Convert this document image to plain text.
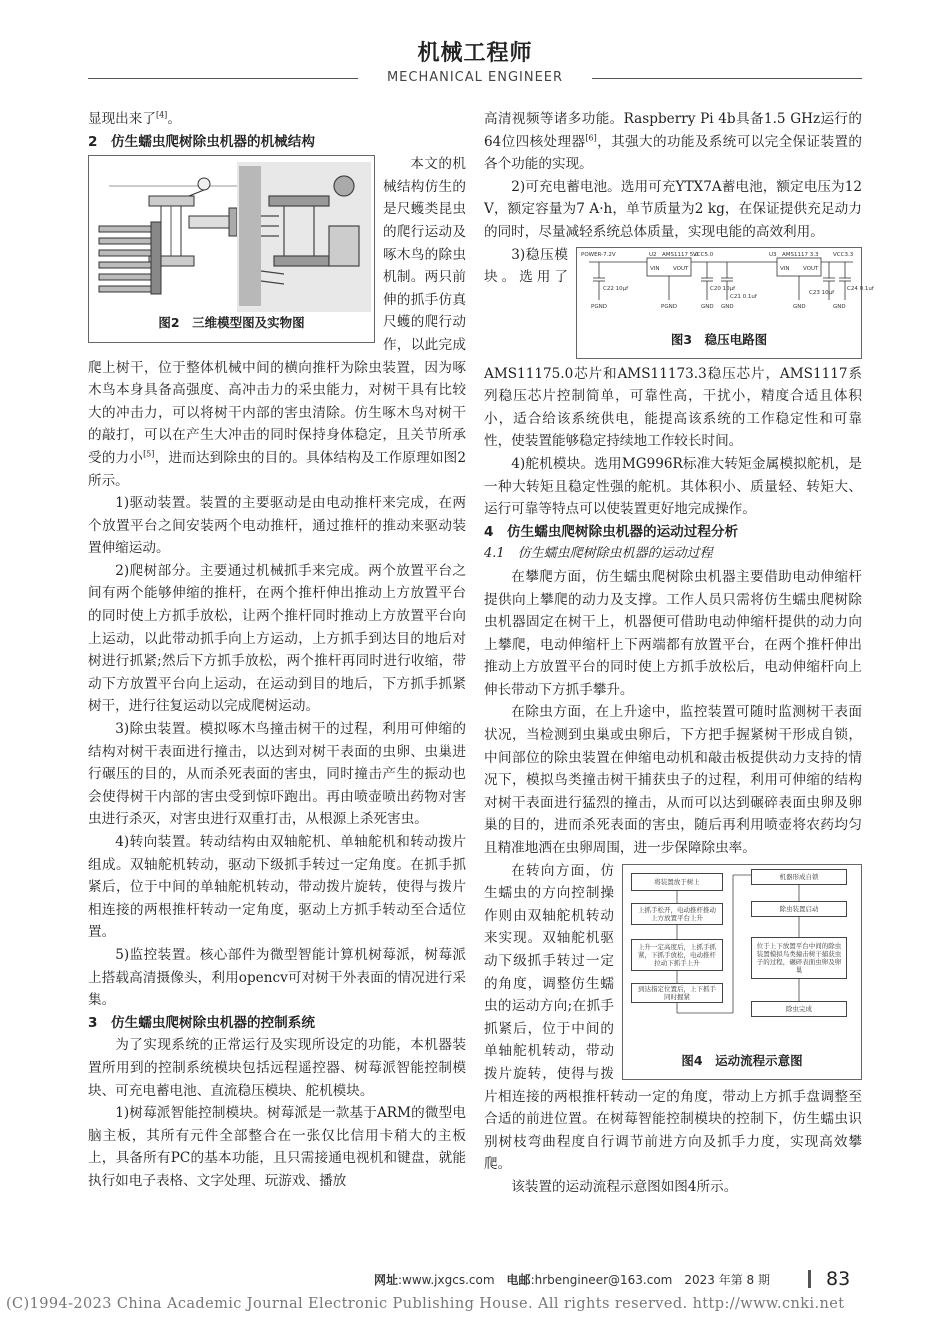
机械工程师
MECHANICAL ENGINEER

显现出来了[4]。

2　仿生蠕虫爬树除虫机器的机械结构
图2　三维模型图及实物图

本文的机械结构仿生的是尺蠖类昆虫的爬行运动及啄木鸟的除虫机制。两只前伸的抓手仿真尺蠖的爬行动作，以此完成爬上树干，位于整体机械中间的横向推杆为除虫装置，因为啄木鸟本身具备高强度、高冲击力的采虫能力，对树干具有比较大的冲击力，可以将树干内部的害虫清除。仿生啄木鸟对树干的敲打，可以在产生大冲击的同时保持身体稳定，且关节所承受的力小[5]，进而达到除虫的目的。具体结构及工作原理如图2所示。

1)驱动装置。装置的主要驱动是由电动推杆来完成，在两个放置平台之间安装两个电动推杆，通过推杆的推动来驱动装置伸缩运动。

2)爬树部分。主要通过机械抓手来完成。两个放置平台之间有两个能够伸缩的推杆，在两个推杆伸出推动上方放置平台的同时使上方抓手放松，让两个推杆同时推动上方放置平台向上运动，以此带动抓手向上方运动，上方抓手到达目的地后对树进行抓紧;然后下方抓手放松，两个推杆再同时进行收缩，带动下方放置平台向上运动，在运动到目的地后，下方抓手抓紧树干，进行往复运动以完成爬树运动。

3)除虫装置。模拟啄木鸟撞击树干的过程，利用可伸缩的结构对树干表面进行撞击，以达到对树干表面的虫卵、虫巢进行碾压的目的，从而杀死表面的害虫，同时撞击产生的振动也会使得树干内部的害虫受到惊吓跑出。再由喷壶喷出药物对害虫进行杀灭，对害虫进行双重打击，从根源上杀死害虫。

4)转向装置。转动结构由双轴舵机、单轴舵机和转动拨片组成。双轴舵机转动，驱动下级抓手转过一定角度。在抓手抓紧后，位于中间的单轴舵机转动，带动拨片旋转，使得与拨片相连接的两根推杆转动一定角度，驱动上方抓手转动至合适位置。

5)监控装置。核心部件为微型智能计算机树莓派，树莓派上搭载高清摄像头，利用opencv可对树干外表面的情况进行采集。

3　仿生蠕虫爬树除虫机器的控制系统

为了实现系统的正常运行及实现所设定的功能，本机器装置所用到的控制系统模块包括远程遥控器、树莓派智能控制模块、可充电蓄电池、直流稳压模块、舵机模块。

1)树莓派智能控制模块。树莓派是一款基于ARM的微型电脑主板，其所有元件全部整合在一张仅比信用卡稍大的主板上，具备所有PC的基本功能，且只需接通电视机和键盘，就能执行如电子表格、文字处理、玩游戏、播放

高清视频等诸多功能。Raspberry Pi 4b具备1.5 GHz运行的64位四核处理器[6]，其强大的功能及系统可以完全保证装置的各个功能的实现。

2)可充电蓄电池。选用可充YTX7A蓄电池，额定电压为12 V，额定容量为7 A·h，单节质量为2 kg，在保证提供充足动力的同时，尽量减轻系统总体质量，实现电能的高效利用。

POWER-7.2V	U2　AMS1117 5.0	U3　AMS1117 3.3
VCC5.0	VCC3.3
VIN VOUT	VIN VOUT
C22 10μf	C20 10μf
C21 0.1uf
C23 10μf
C24 0.1uf
PGND	PGND	GND GND	GND	GND
图3　稳压电路图

3)稳压模块。选用了AMS11175.0芯片和AMS11173.3稳压芯片，AMS1117系列稳压芯片控制简单，可靠性高，干扰小，精度合适且体积小，适合给该系统供电，能提高该系统的工作稳定性和可靠性，使装置能够稳定持续地工作较长时间。

4)舵机模块。选用MG996R标准大转矩金属模拟舵机，是一种大转矩且稳定性强的舵机。其体积小、质量轻、转矩大、运行可靠等特点可以使装置更好地完成操作。

4　仿生蠕虫爬树除虫机器的运动过程分析
4.1　仿生蠕虫爬树除虫机器的运动过程

在攀爬方面，仿生蠕虫爬树除虫机器主要借助电动伸缩杆提供向上攀爬的动力及支撑。工作人员只需将仿生蠕虫爬树除虫机器固定在树干上，机器便可借助电动伸缩杆提供的动力向上攀爬，电动伸缩杆上下两端都有放置平台，在两个推杆伸出推动上方放置平台的同时使上方抓手放松后，电动伸缩杆向上伸长带动下方抓手攀升。

在除虫方面，在上升途中，监控装置可随时监测树干表面状况，当检测到虫巢或虫卵后，下方把手握紧树干形成自锁，中间部位的除虫装置在伸缩电动机和敲击板提供动力支持的情况下，模拟鸟类撞击树干捕获虫子的过程，利用可伸缩的结构对树干表面进行猛烈的撞击，从而可以达到碾碎表面虫卵及卵巢的目的，进而杀死表面的害虫，随后再利用喷壶将农药均匀且精准地洒在虫卵周围，进一步保障除虫率。

将装置放于树上
上抓手松开，电动推杆推动上方放置平台上升
上升一定高度后，上抓手抓紧，下抓手放松，电动推杆拉动下抓手上升
到达指定位置后，上下抓手同时握紧
机器形成自锁
除虫装置启动
位于上下放置平台中间的除虫装置模拟鸟类撞击树干捕获虫子的过程，碾碎表面虫卵及卵巢
除虫完成
图4　运动流程示意图

在转向方面，仿生蠕虫的方向控制操作则由双轴舵机转动来实现。双轴舵机驱动下级抓手转过一定的角度，调整仿生蠕虫的运动方向;在抓手抓紧后，位于中间的单轴舵机转动，带动拨片旋转，使得与拨片相连接的两根推杆转动一定的角度，带动上方抓手盘调整至合适的前进位置。在树莓智能控制模块的控制下，仿生蠕虫识别树枝弯曲程度自行调节前进方向及抓手力度，实现高效攀爬。

该装置的运动流程示意图如图4所示。

网址:www.jxgcs.com　 电邮:hrbengineer@163.com　 2023 年第 8 期	83
(C)1994-2023 China Academic Journal Electronic Publishing House. All rights reserved. http://www.cnki.net
